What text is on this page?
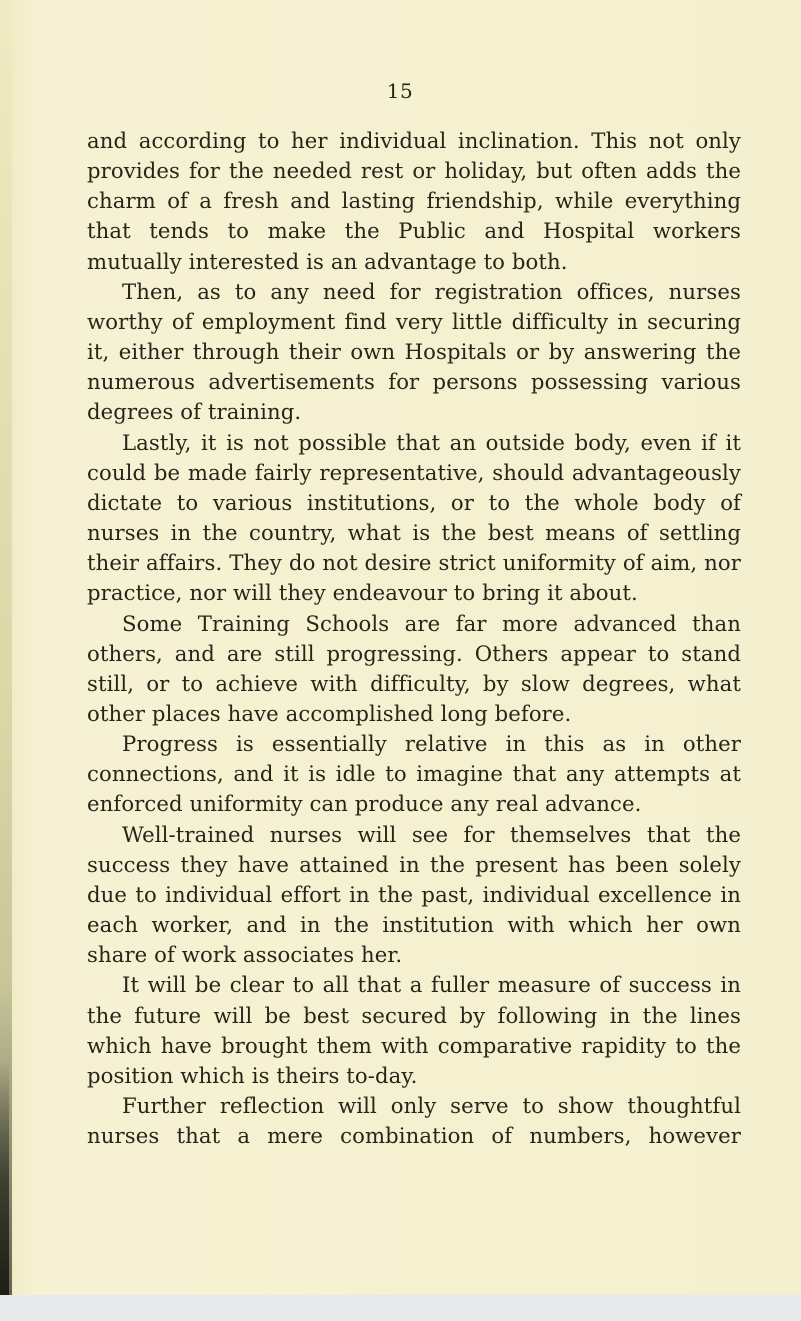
15

and according to her individual inclination. This not only provides for the needed rest or holiday, but often adds the charm of a fresh and lasting friendship, while everything that tends to make the Public and Hospital workers mutually interested is an advantage to both.

Then, as to any need for registration offices, nurses worthy of employment find very little difficulty in securing it, either through their own Hospitals or by answering the numerous advertisements for persons possessing various degrees of training.

Lastly, it is not possible that an outside body, even if it could be made fairly representative, should advantageously dictate to various institutions, or to the whole body of nurses in the country, what is the best means of settling their affairs. They do not desire strict uniformity of aim, nor practice, nor will they endeavour to bring it about.

Some Training Schools are far more advanced than others, and are still progressing. Others appear to stand still, or to achieve with difficulty, by slow degrees, what other places have accomplished long before.

Progress is essentially relative in this as in other connections, and it is idle to imagine that any attempts at enforced uniformity can produce any real advance.

Well-trained nurses will see for themselves that the success they have attained in the present has been solely due to individual effort in the past, individual excellence in each worker, and in the institution with which her own share of work associates her.

It will be clear to all that a fuller measure of success in the future will be best secured by following in the lines which have brought them with comparative rapidity to the position which is theirs to-day.

Further reflection will only serve to show thoughtful nurses that a mere combination of numbers, however
